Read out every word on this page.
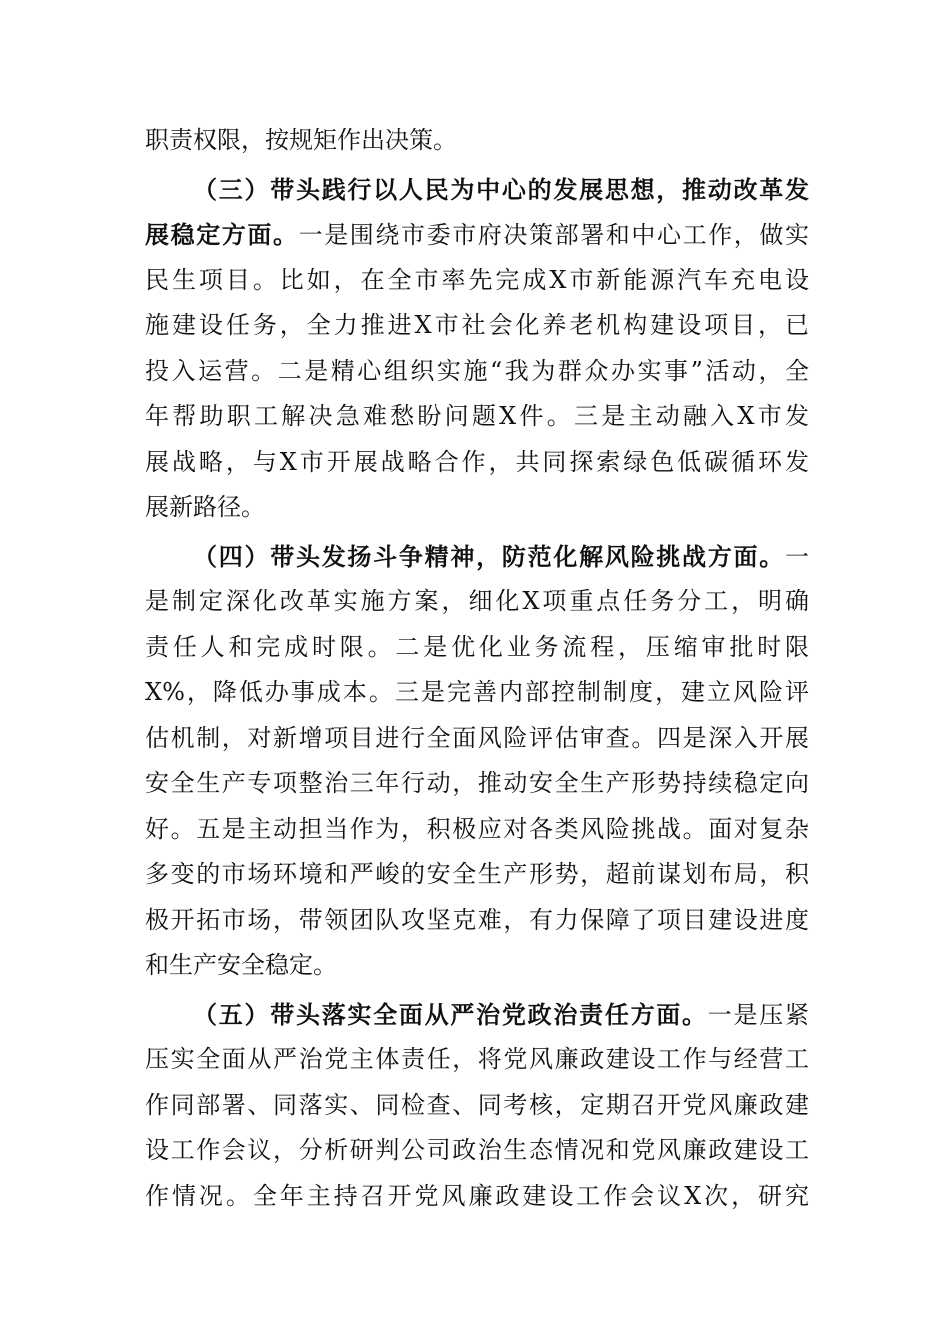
职责权限，按规矩作出决策。
（三）带头践行以人民为中心的发展思想，推动改革发
展稳定方面。一是围绕市委市府决策部署和中心工作，做实
民生项目。比如，在全市率先完成X市新能源汽车充电设
施建设任务，全力推进X市社会化养老机构建设项目，已
投入运营。二是精心组织实施“我为群众办实事”活动，全
年帮助职工解决急难愁盼问题X件。三是主动融入X市发
展战略，与X市开展战略合作，共同探索绿色低碳循环发
展新路径。
（四）带头发扬斗争精神，防范化解风险挑战方面。一
是制定深化改革实施方案，细化X项重点任务分工，明确
责任人和完成时限。二是优化业务流程，压缩审批时限
X%，降低办事成本。三是完善内部控制制度，建立风险评
估机制，对新增项目进行全面风险评估审查。四是深入开展
安全生产专项整治三年行动，推动安全生产形势持续稳定向
好。五是主动担当作为，积极应对各类风险挑战。面对复杂
多变的市场环境和严峻的安全生产形势，超前谋划布局，积
极开拓市场，带领团队攻坚克难，有力保障了项目建设进度
和生产安全稳定。
（五）带头落实全面从严治党政治责任方面。一是压紧
压实全面从严治党主体责任，将党风廉政建设工作与经营工
作同部署、同落实、同检查、同考核，定期召开党风廉政建
设工作会议，分析研判公司政治生态情况和党风廉政建设工
作情况。全年主持召开党风廉政建设工作会议X次，研究
